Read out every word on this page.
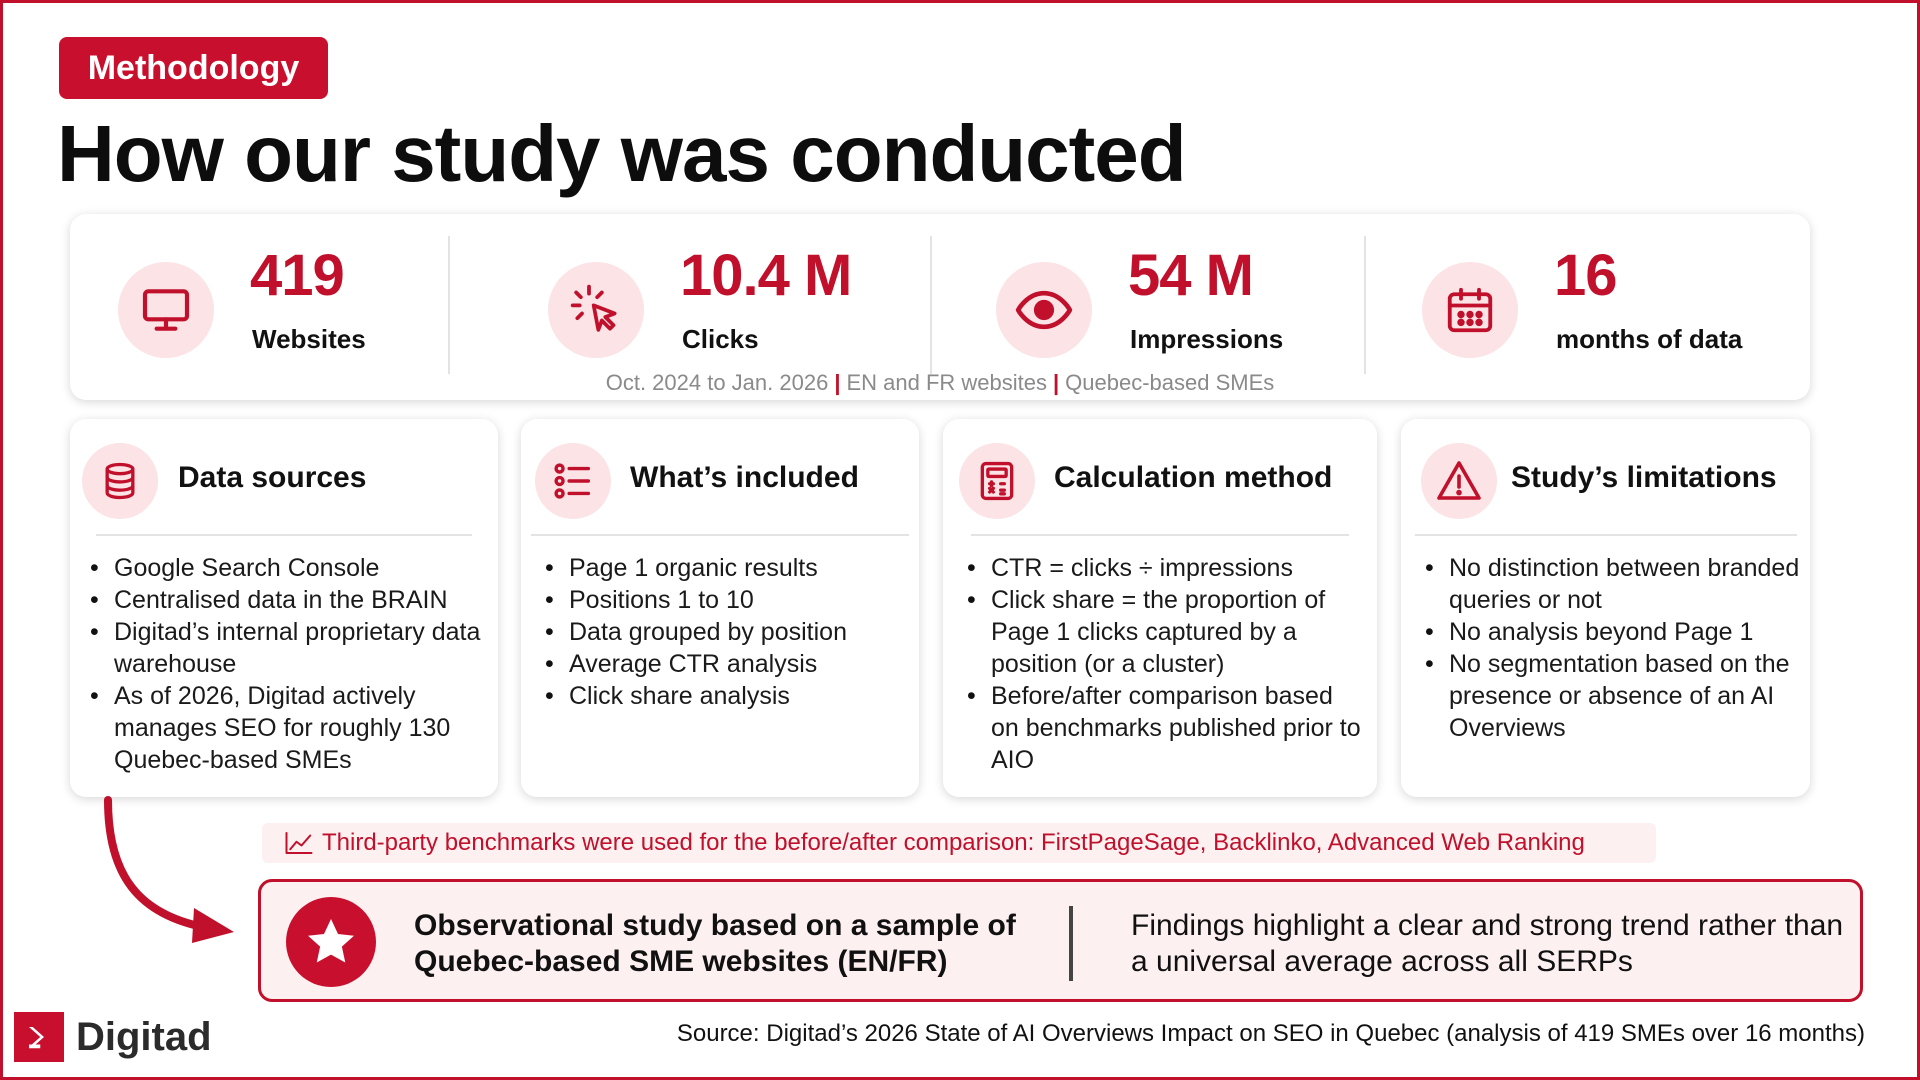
Methodology
How our study was conducted
419
Websites
10.4 M
Clicks
54 M
Impressions
16
months of data
Oct. 2024 to Jan. 2026 | EN and FR websites | Quebec-based SMEs
Data sources
• Google Search Console
• Centralised data in the BRAIN
• Digitad’s internal proprietary data warehouse
• As of 2026, Digitad actively manages SEO for roughly 130 Quebec-based SMEs
What’s included
• Page 1 organic results
• Positions 1 to 10
• Data grouped by position
• Average CTR analysis
• Click share analysis
Calculation method
• CTR = clicks ÷ impressions
• Click share = the proportion of Page 1 clicks captured by a position (or a cluster)
• Before/after comparison based on benchmarks published prior to AIO
Study’s limitations
• No distinction between branded queries or not
• No analysis beyond Page 1
• No segmentation based on the presence or absence of an AI Overviews
Third-party benchmarks were used for the before/after comparison: FirstPageSage, Backlinko, Advanced Web Ranking
Observational study based on a sample of Quebec-based SME websites (EN/FR)
Findings highlight a clear and strong trend rather than a universal average across all SERPs
Digitad	Source: Digitad’s 2026 State of AI Overviews Impact on SEO in Quebec (analysis of 419 SMEs over 16 months)
